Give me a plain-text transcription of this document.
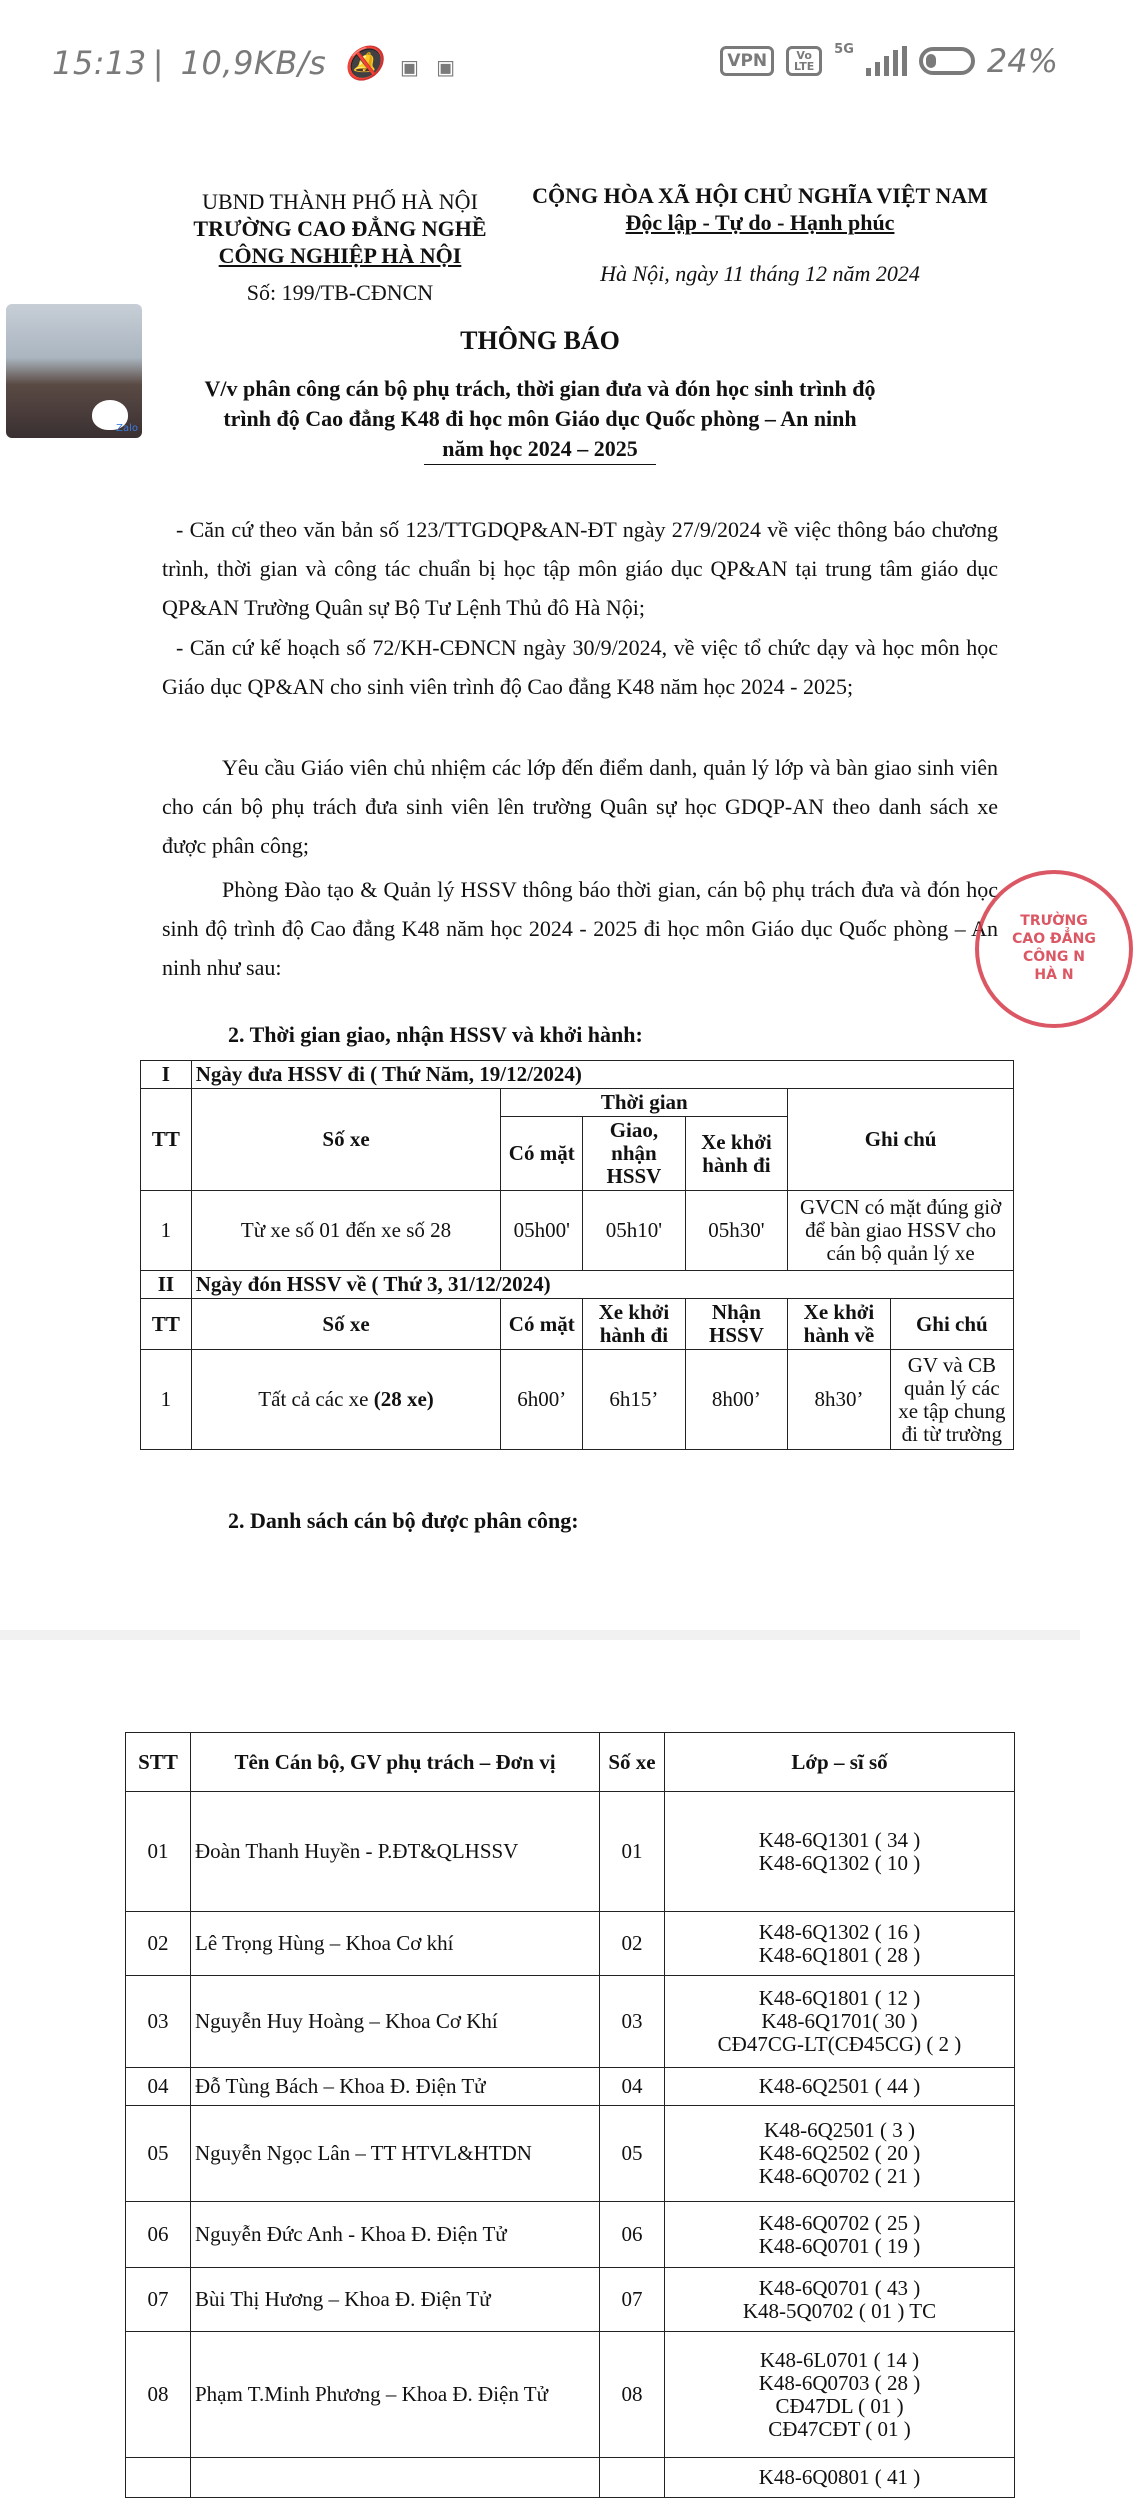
15:13 | 10,9KB/s 🔕 ▣ ▣	VPN	Vo LTE
5G	24%
Zalo
UBND THÀNH PHỐ HÀ NỘI
TRƯỜNG CAO ĐẲNG NGHỀ
CÔNG NGHIỆP HÀ NỘI
Số: 199/TB-CĐNCN
CỘNG HÒA XÃ HỘI CHỦ NGHĨA VIỆT NAM
Độc lập - Tự do - Hạnh phúc
Hà Nội, ngày 11 tháng 12 năm 2024
THÔNG BÁO
V/v phân công cán bộ phụ trách, thời gian đưa và đón học sinh trình độ
trình độ Cao đẳng K48 đi học môn Giáo dục Quốc phòng – An ninh
năm học 2024 – 2025
- Căn cứ theo văn bản số 123/TTGDQP&AN-ĐT ngày 27/9/2024 về việc thông báo chương trình, thời gian và công tác chuẩn bị học tập môn giáo dục QP&AN tại trung tâm giáo dục QP&AN Trường Quân sự Bộ Tư Lệnh Thủ đô Hà Nội;
- Căn cứ kế hoạch số 72/KH-CĐNCN ngày 30/9/2024, về việc tổ chức dạy và học môn học Giáo dục QP&AN cho sinh viên trình độ Cao đẳng K48 năm học 2024 - 2025;
Yêu cầu Giáo viên chủ nhiệm các lớp đến điểm danh, quản lý lớp và bàn giao sinh viên cho cán bộ phụ trách đưa sinh viên lên trường Quân sự học GDQP-AN theo danh sách xe được phân công;
Phòng Đào tạo & Quản lý HSSV thông báo thời gian, cán bộ phụ trách đưa và đón học sinh độ trình độ Cao đẳng K48 năm học 2024 - 2025 đi học môn Giáo dục Quốc phòng – An ninh như sau:
TRƯỜNG
CAO ĐẲNG
CÔNG N
HÀ N
2. Thời gian giao, nhận HSSV và khởi hành:
I	Ngày đưa HSSV đi ( Thứ Năm, 19/12/2024)					
TT	Số xe	Thời gian			Ghi chú	
		Có mặt	Giao, nhận HSSV	Xe khởi hành đi		
1	Từ xe số 01 đến xe số 28	05h00'	05h10'	05h30'	GVCN có mặt đúng giờ để bàn giao HSSV cho cán bộ quản lý xe	
II	Ngày đón HSSV về ( Thứ 3, 31/12/2024)					
TT	Số xe	Có mặt	Xe khởi hành đi	Nhận HSSV	Xe khởi hành về	Ghi chú
1	Tất cả các xe (28 xe)	6h00’	6h15’	8h00’	8h30’	GV và CB quản lý các xe tập chung đi từ trường
2. Danh sách cán bộ được phân công:
STT	Tên Cán bộ, GV phụ trách – Đơn vị	Số xe	Lớp – sĩ số
01	Đoàn Thanh Huyền - P.ĐT&QLHSSV	01	K48-6Q1301 ( 34 )
K48-6Q1302 ( 10 )

02	Lê Trọng Hùng – Khoa Cơ khí	02	K48-6Q1302 ( 16 )
K48-6Q1801 ( 28 )

03	Nguyễn Huy Hoàng – Khoa Cơ Khí	03	K48-6Q1801 ( 12 )
K48-6Q1701( 30 )
CĐ47CG-LT(CĐ45CG) ( 2 )

04	Đỗ Tùng Bách – Khoa Đ. Điện Tử	04	K48-6Q2501 ( 44 )

05	Nguyễn Ngọc Lân – TT HTVL&HTDN	05	K48-6Q2501 ( 3 )
K48-6Q2502 ( 20 )
K48-6Q0702 ( 21 )

06	Nguyễn Đức Anh - Khoa Đ. Điện Tử	06	K48-6Q0702 ( 25 )
K48-6Q0701 ( 19 )

07	Bùi Thị Hương – Khoa Đ. Điện Tử	07	K48-6Q0701 ( 43 )
K48-5Q0702 ( 01 ) TC

08	Phạm T.Minh Phương – Khoa Đ. Điện Tử	08	K48-6L0701 ( 14 )
K48-6Q0703 ( 28 )
CĐ47DL ( 01 )
CĐ47CĐT ( 01 )

			K48-6Q0801 ( 41 )
